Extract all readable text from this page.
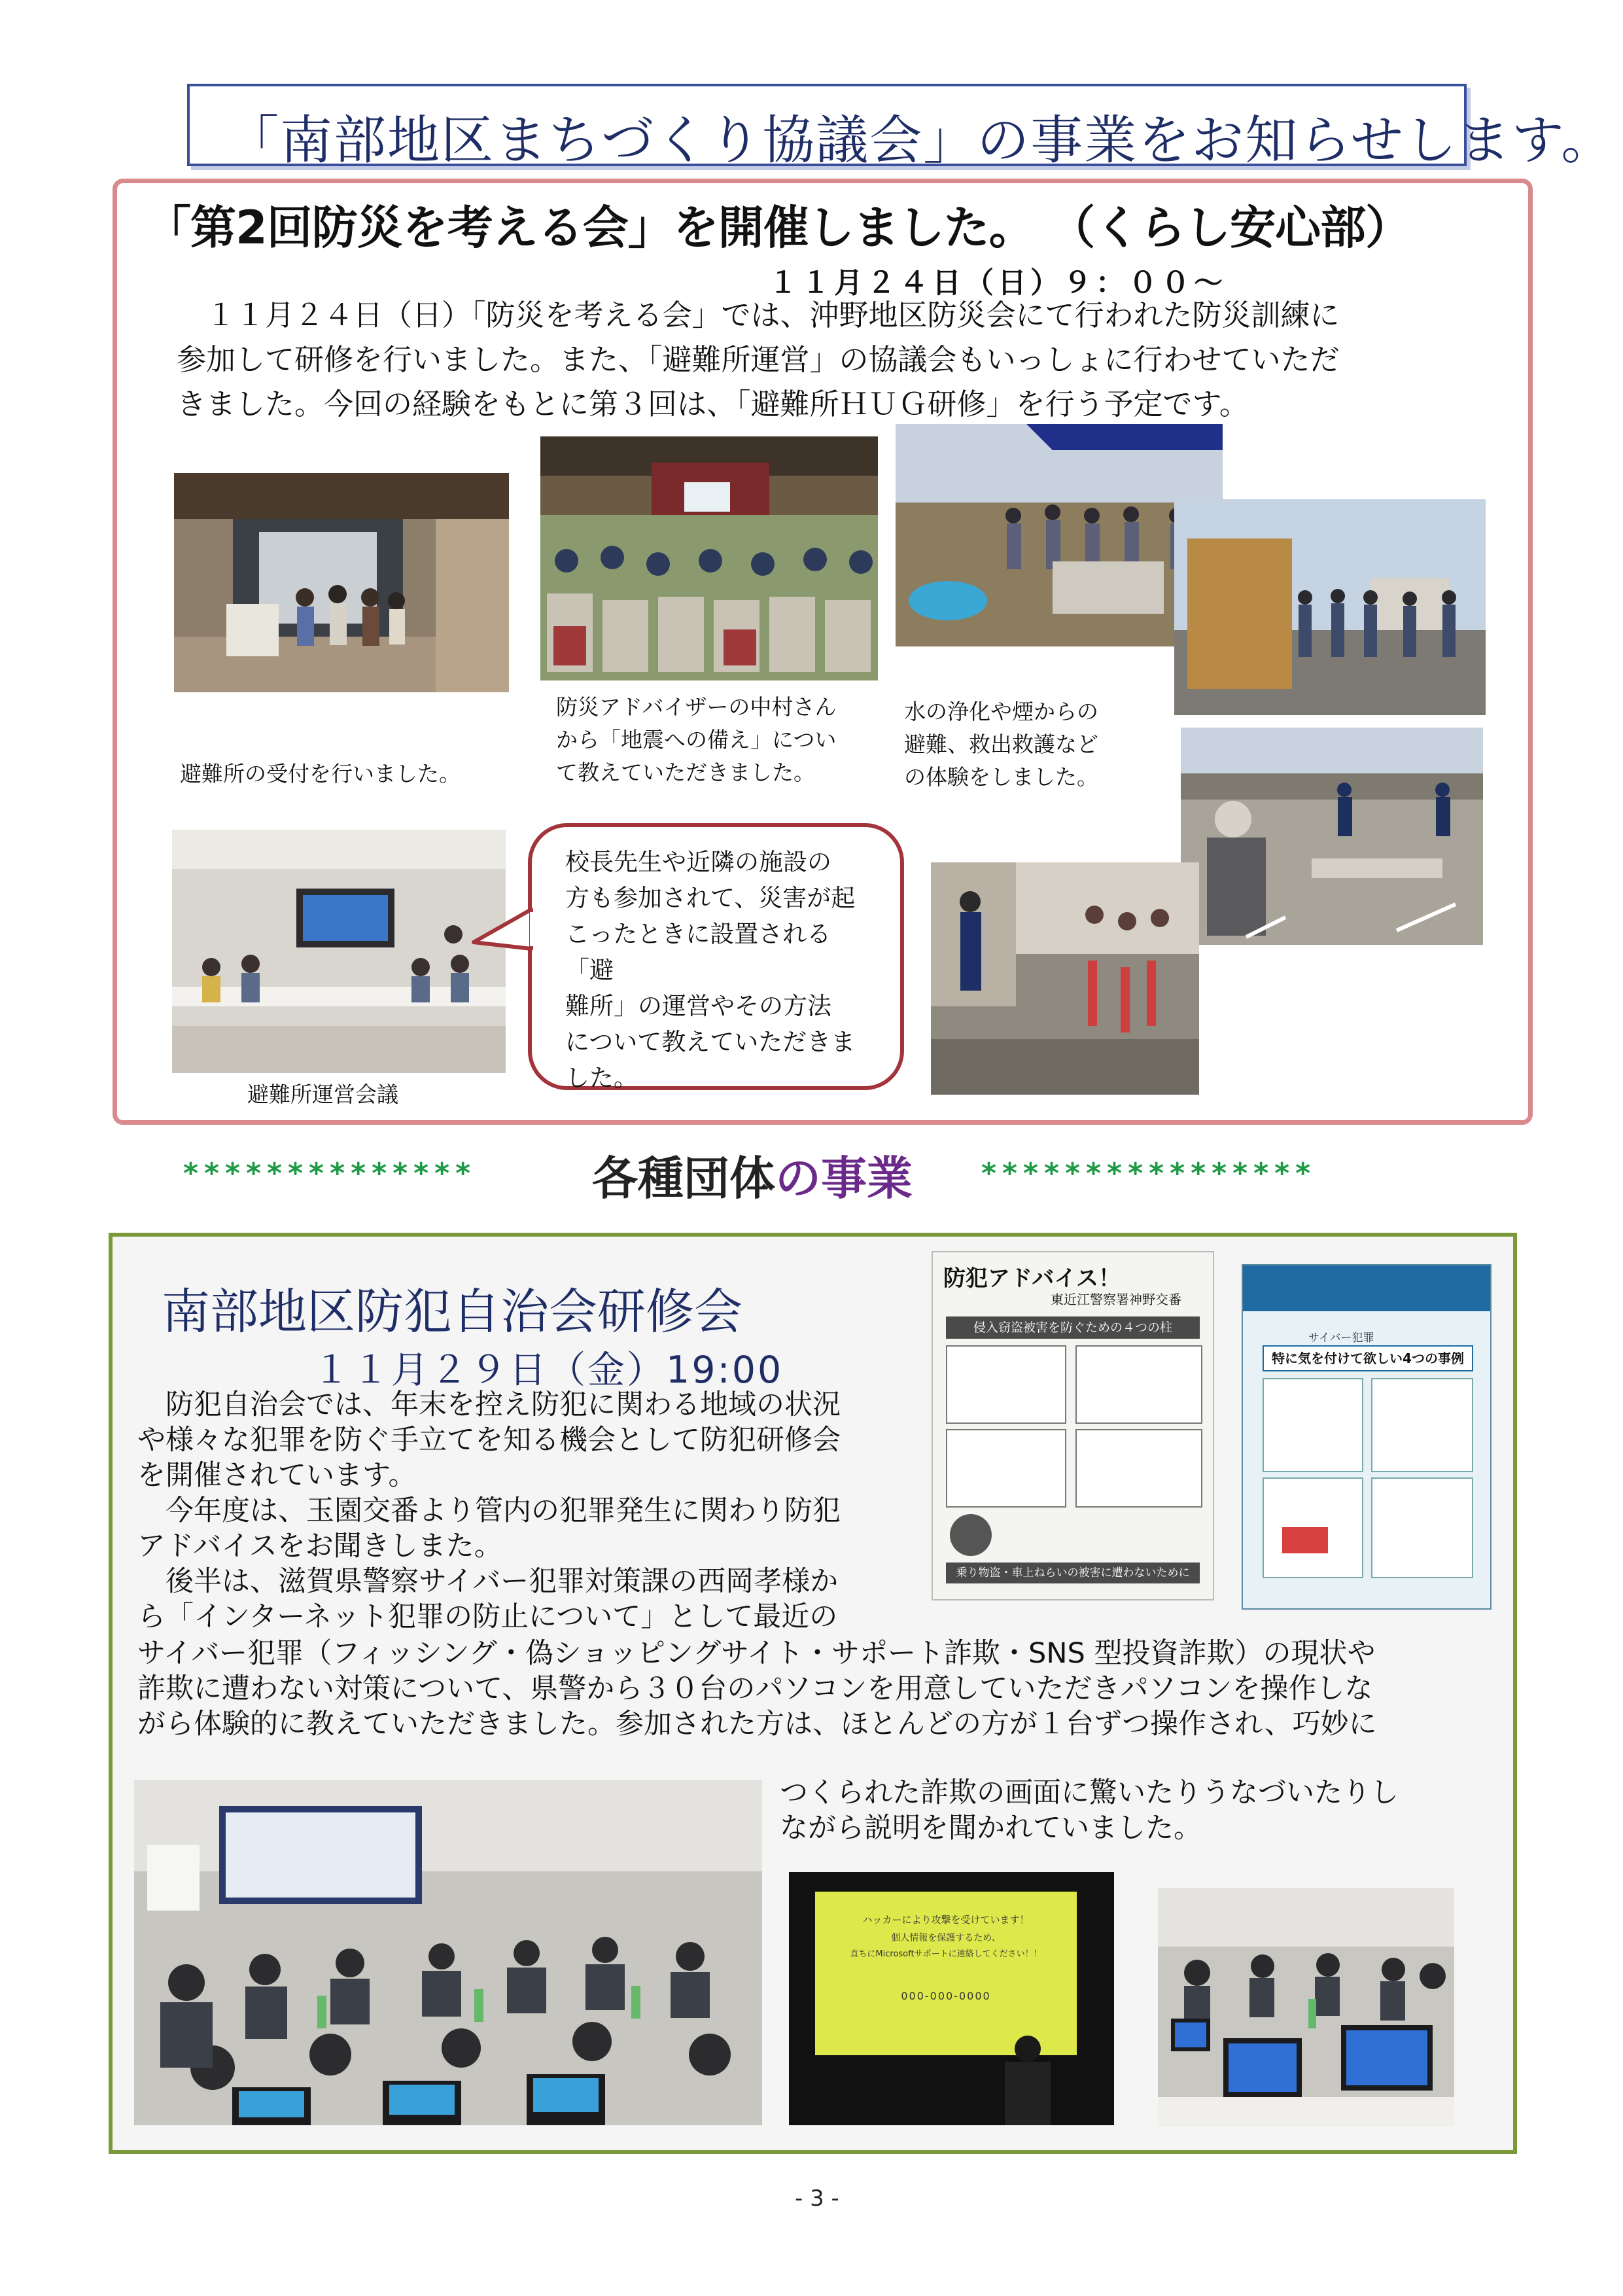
「南部地区まちづくり協議会」の事業をお知らせします。
「第2回防災を考える会」を開催しました。 （くらし安心部）
１１月２４日（日）９：００～
　１１月２４日（日）「防災を考える会」では、沖野地区防災会にて行われた防災訓練に
参加して研修を行いました。また、「避難所運営」の協議会もいっしょに行わせていただ
きました。今回の経験をもとに第３回は、「避難所ＨＵＧ研修」を行う予定です。
避難所の受付を行いました。
防災アドバイザーの中村さん
から「地震への備え」につい
て教えていただきました。
水の浄化や煙からの
避難、救出救護など
の体験をしました。
避難所運営会議
校長先生や近隣の施設の
方も参加されて、災害が起
こったときに設置される「避
難所」の運営やその方法
について教えていただきま
した。
**************	各種団体の事業 ****************
南部地区防犯自治会研修会
１１月２９日（金）19:00
　防犯自治会では、年末を控え防犯に関わる地域の状況
や様々な犯罪を防ぐ手立てを知る機会として防犯研修会
を開催されています。
　今年度は、玉園交番より管内の犯罪発生に関わり防犯
アドバイスをお聞きしまた。
　後半は、滋賀県警察サイバー犯罪対策課の西岡孝様か
ら「インターネット犯罪の防止について」として最近の
サイバー犯罪（フィッシング・偽ショッピングサイト・サポート詐欺・SNS 型投資詐欺）の現状や
詐欺に遭わない対策について、県警から３０台のパソコンを用意していただきパソコンを操作しな
がら体験的に教えていただきました。参加された方は、ほとんどの方が１台ずつ操作され、巧妙に
つくられた詐欺の画面に驚いたりうなづいたりし
ながら説明を聞かれていました。
防犯アドバイス！
東近江警察署神野交番
侵入窃盗被害を防ぐための４つの柱
乗り物盗・車上ねらいの被害に遭わないために
サイバー犯罪
特に気を付けて欲しい4つの事例
ハッカーにより攻撃を受けています！
個人情報を保護するため、
直ちにMicrosoftサポートに連絡してください！！
000-000-0000
- 3 -
